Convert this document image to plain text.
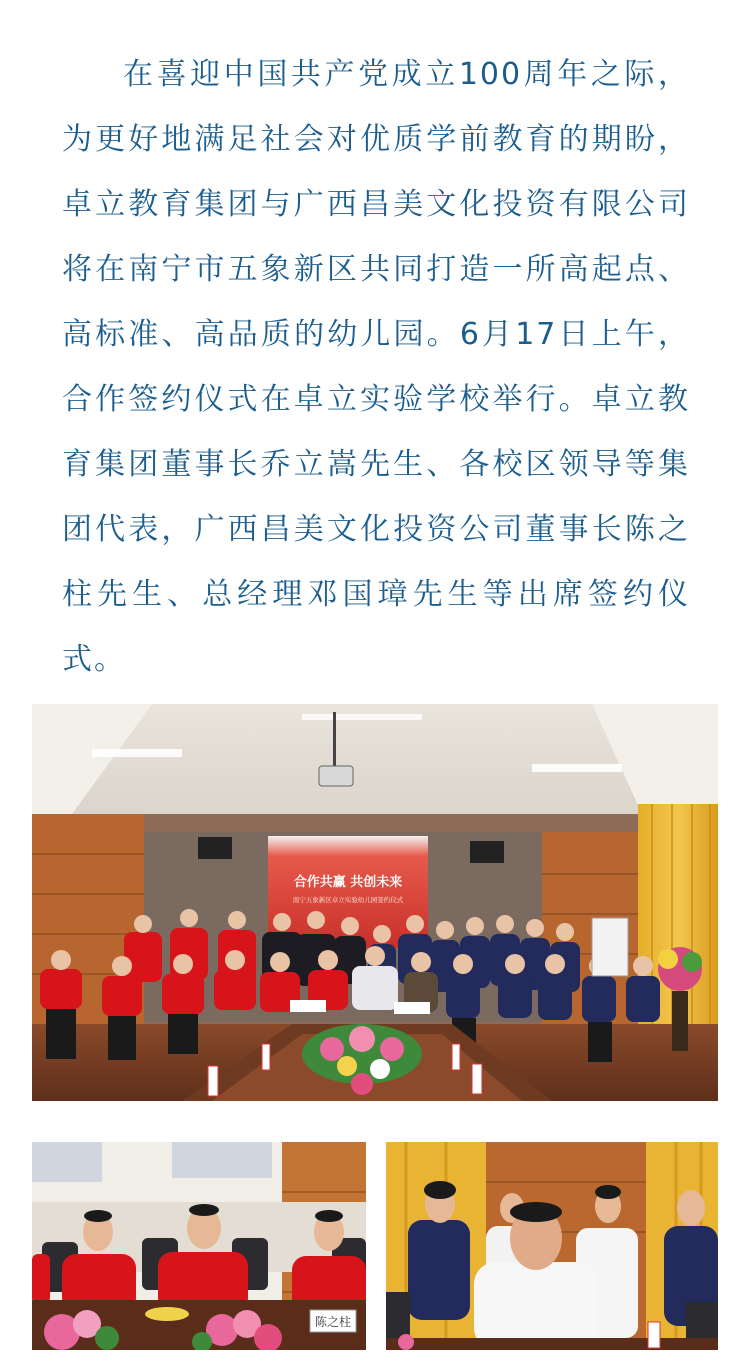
在喜迎中国共产党成立100周年之际，为更好地满足社会对优质学前教育的期盼，卓立教育集团与广西昌美文化投资有限公司将在南宁市五象新区共同打造一所高起点、高标准、高品质的幼儿园。6月17日上午，合作签约仪式在卓立实验学校举行。卓立教育集团董事长乔立嵩先生、各校区领导等集团代表，广西昌美文化投资公司董事长陈之柱先生、总经理邓国璋先生等出席签约仪式。

合作共赢 共创未来
南宁五象新区卓立实验幼儿园签约仪式
陈之柱
